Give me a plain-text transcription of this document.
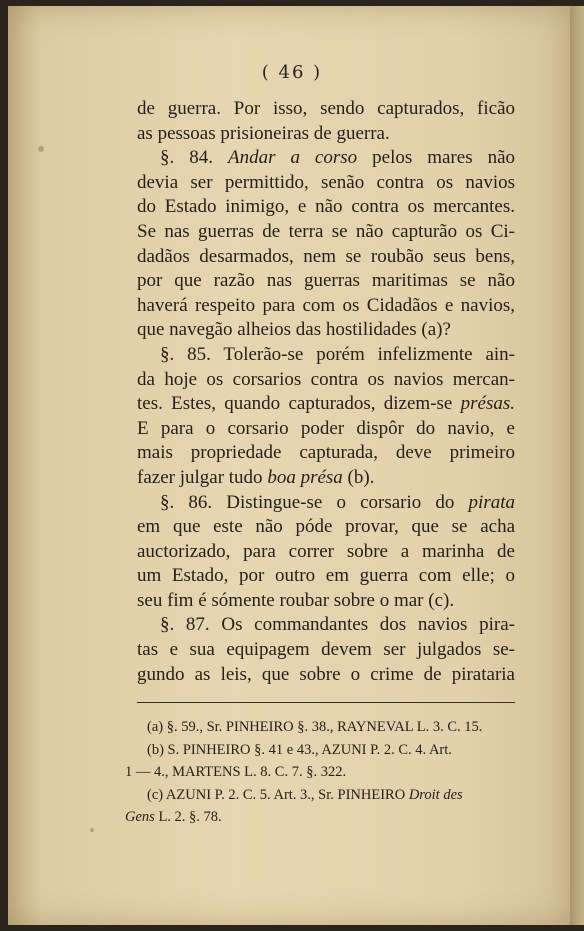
( 46 )
de guerra. Por isso, sendo capturados, ficão
as pessoas prisioneiras de guerra.
§. 84. Andar a corso pelos mares não
devia ser permittido, senão contra os navios
do Estado inimigo, e não contra os mercantes.
Se nas guerras de terra se não capturão os Ci-
dadãos desarmados, nem se roubão seus bens,
por que razão nas guerras maritimas se não
haverá respeito para com os Cidadãos e navios,
que navegão alheios das hostilidades (a)?
§. 85. Tolerão-se porém infelizmente ain-
da hoje os corsarios contra os navios mercan-
tes. Estes, quando capturados, dizem-se présas.
E para o corsario poder dispôr do navio, e
mais propriedade capturada, deve primeiro
fazer julgar tudo boa présa (b).
§. 86. Distingue-se o corsario do pirata
em que este não póde provar, que se acha
auctorizado, para correr sobre a marinha de
um Estado, por outro em guerra com elle; o
seu fim é sómente roubar sobre o mar (c).
§. 87. Os commandantes dos navios pira-
tas e sua equipagem devem ser julgados se-
gundo as leis, que sobre o crime de pirataria
(a) §. 59., Sr. PINHEIRO §. 38., RAYNEVAL L. 3. C. 15.
(b) S. PINHEIRO §. 41 e 43., AZUNI P. 2. C. 4. Art.
1 — 4., MARTENS L. 8. C. 7. §. 322.
(c) AZUNI P. 2. C. 5. Art. 3., Sr. PINHEIRO Droit des
Gens L. 2. §. 78.
